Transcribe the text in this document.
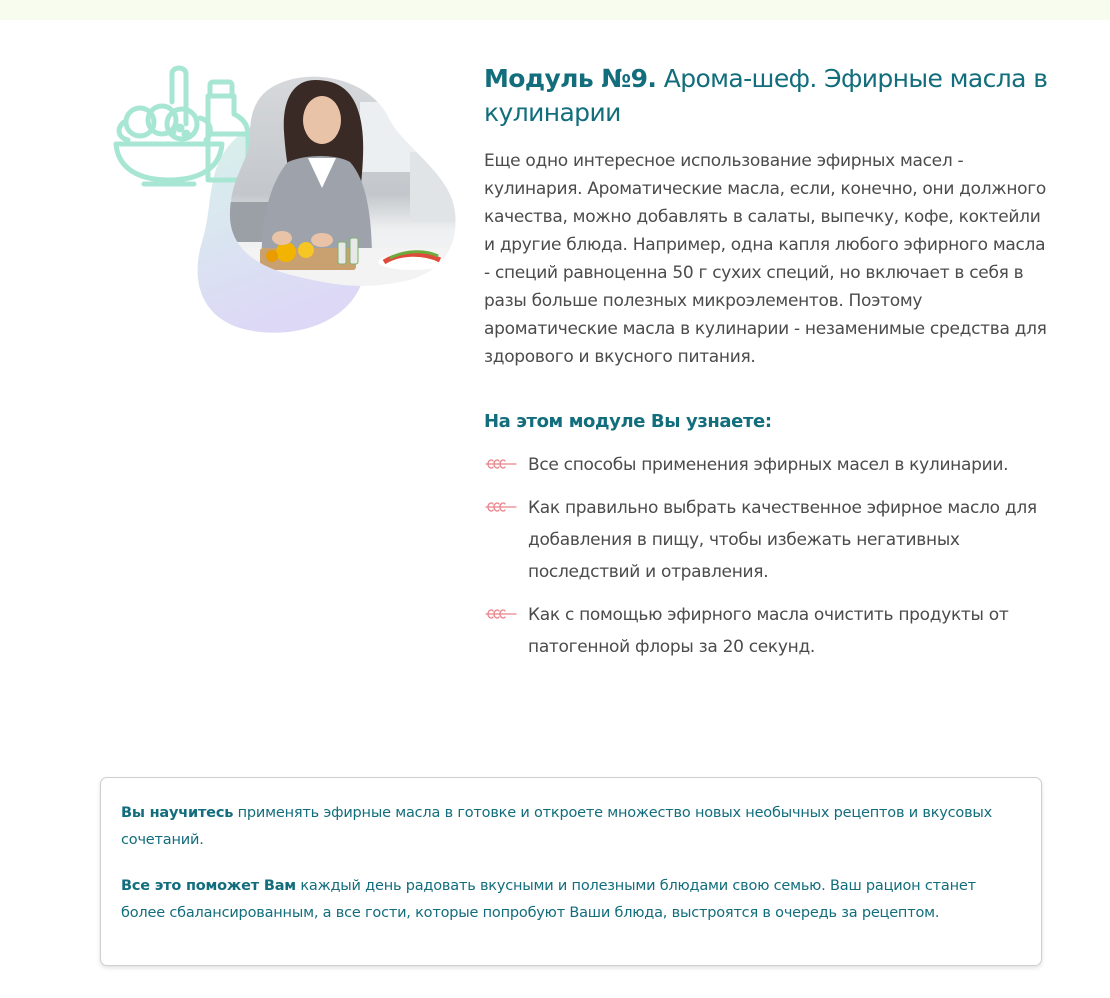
Модуль №9. Арома-шеф. Эфирные масла в кулинарии

Еще одно интересное использование эфирных масел - кулинария. Ароматические масла, если, конечно, они должного качества, можно добавлять в салаты, выпечку, кофе, коктейли и другие блюда. Например, одна капля любого эфирного масла - специй равноценна 50 г сухих специй, но включает в себя в разы больше полезных микроэлементов. Поэтому ароматические масла в кулинарии - незаменимые средства для здорового и вкусного питания.

На этом модуле Вы узнаете:
Все способы применения эфирных масел в кулинарии.
Как правильно выбрать качественное эфирное масло для добавления в пищу, чтобы избежать негативных последствий и отравления.
Как с помощью эфирного масла очистить продукты от патогенной флоры за 20 секунд.

Вы научитесь применять эфирные масла в готовке и откроете множество новых необычных рецептов и вкусовых сочетаний.

Все это поможет Вам каждый день радовать вкусными и полезными блюдами свою семью. Ваш рацион станет более сбалансированным, а все гости, которые попробуют Ваши блюда, выстроятся в очередь за рецептом.
